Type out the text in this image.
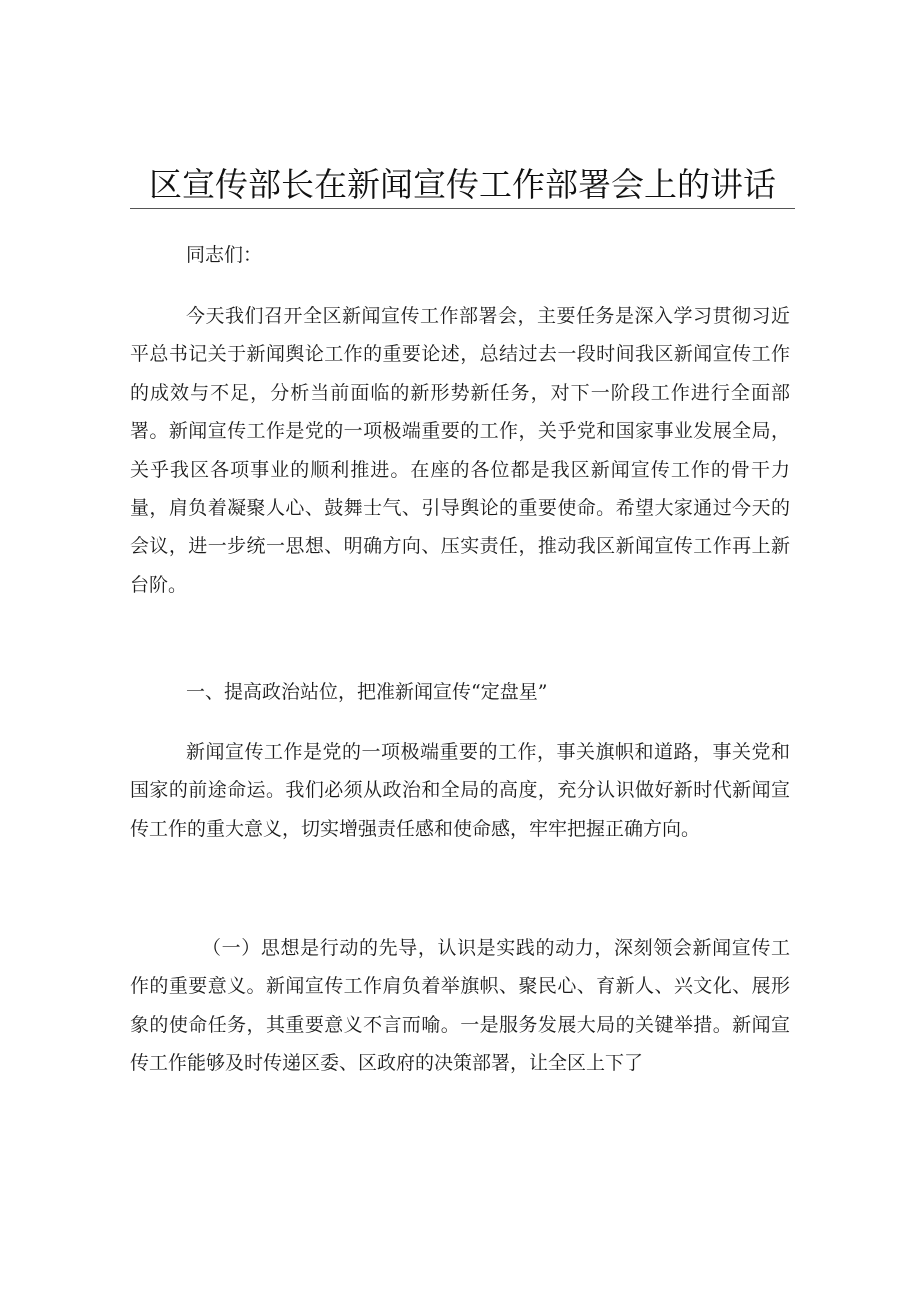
区宣传部长在新闻宣传工作部署会上的讲话
同志们：
今天我们召开全区新闻宣传工作部署会，主要任务是深入学习贯彻习近平总书记关于新闻舆论工作的重要论述，总结过去一段时间我区新闻宣传工作的成效与不足，分析当前面临的新形势新任务，对下一阶段工作进行全面部署。新闻宣传工作是党的一项极端重要的工作，关乎党和国家事业发展全局，关乎我区各项事业的顺利推进。在座的各位都是我区新闻宣传工作的骨干力量，肩负着凝聚人心、鼓舞士气、引导舆论的重要使命。希望大家通过今天的会议，进一步统一思想、明确方向、压实责任，推动我区新闻宣传工作再上新台阶。
一、提高政治站位，把准新闻宣传“定盘星”
新闻宣传工作是党的一项极端重要的工作，事关旗帜和道路，事关党和国家的前途命运。我们必须从政治和全局的高度，充分认识做好新时代新闻宣传工作的重大意义，切实增强责任感和使命感，牢牢把握正确方向。
（一）思想是行动的先导，认识是实践的动力，深刻领会新闻宣传工作的重要意义。新闻宣传工作肩负着举旗帜、聚民心、育新人、兴文化、展形象的使命任务，其重要意义不言而喻。一是服务发展大局的关键举措。新闻宣传工作能够及时传递区委、区政府的决策部署，让全区上下了
